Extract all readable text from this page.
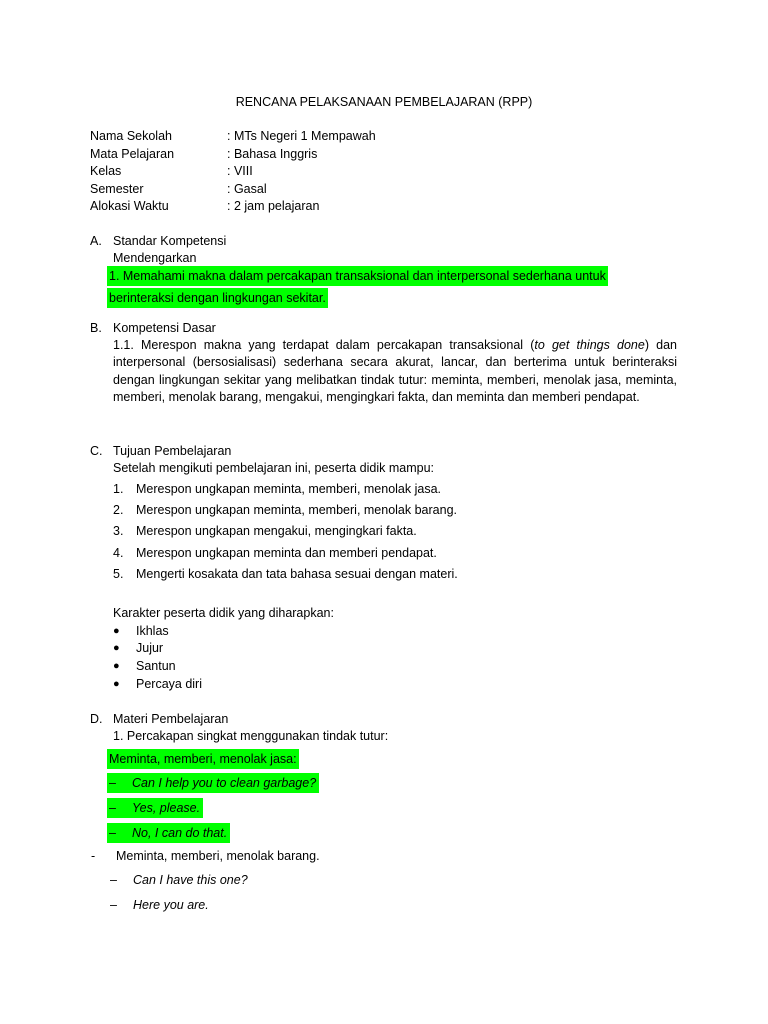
RENCANA PELAKSANAAN PEMBELAJARAN (RPP)
Nama Sekolah	: MTs Negeri 1 Mempawah
Mata Pelajaran	: Bahasa Inggris
Kelas	: VIII
Semester	: Gasal
Alokasi Waktu	: 2 jam pelajaran
A. Standar Kompetensi
Mendengarkan
1. Memahami makna dalam percakapan transaksional dan interpersonal sederhana untuk
berinteraksi dengan lingkungan sekitar.
B. Kompetensi Dasar
1.1. Merespon makna yang terdapat dalam percakapan transaksional (to get things done) dan interpersonal (bersosialisasi) sederhana secara akurat, lancar, dan berterima untuk berinteraksi dengan lingkungan sekitar yang melibatkan tindak tutur: meminta, memberi, menolak jasa, meminta, memberi, menolak barang, mengakui, mengingkari fakta, dan meminta dan memberi pendapat.
C. Tujuan Pembelajaran
Setelah mengikuti pembelajaran ini, peserta didik mampu:
1. Merespon ungkapan meminta, memberi, menolak jasa.
2. Merespon ungkapan meminta, memberi, menolak barang.
3. Merespon ungkapan mengakui, mengingkari fakta.
4. Merespon ungkapan meminta dan memberi pendapat.
5. Mengerti kosakata dan tata bahasa sesuai dengan materi.
Karakter peserta didik yang diharapkan:
● Ikhlas
● Jujur
● Santun
● Percaya diri
D. Materi Pembelajaran
1. Percakapan singkat menggunakan tindak tutur:
Meminta, memberi, menolak jasa:
– Can I help you to clean garbage?
– Yes, please.
– No, I can do that.
- Meminta, memberi, menolak barang.
– Can I have this one?
– Here you are.
